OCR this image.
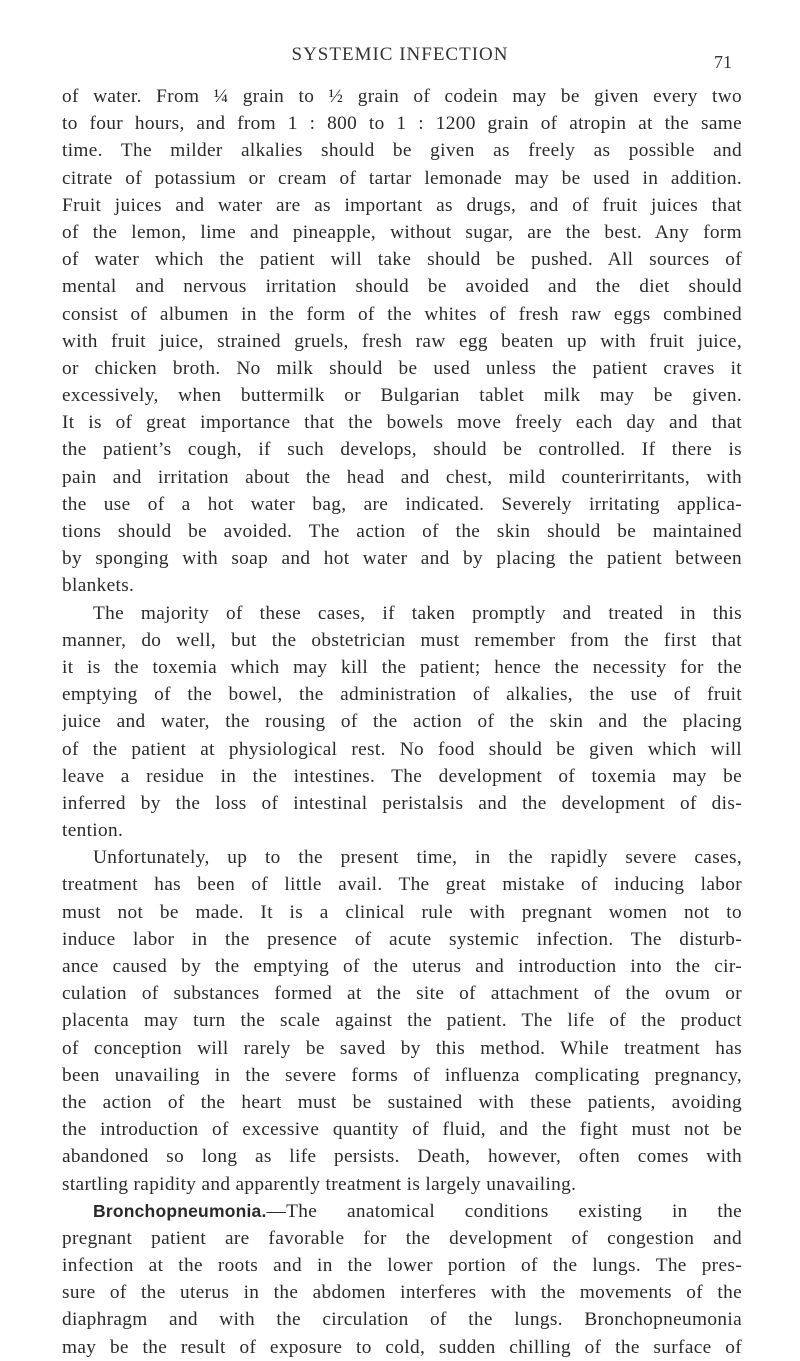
SYSTEMIC INFECTION	71
of water. From ¼ grain to ½ grain of codein may be given every two
to four hours, and from 1 : 800 to 1 : 1200 grain of atropin at the same
time. The milder alkalies should be given as freely as possible and
citrate of potassium or cream of tartar lemonade may be used in addition.
Fruit juices and water are as important as drugs, and of fruit juices that
of the lemon, lime and pineapple, without sugar, are the best. Any form
of water which the patient will take should be pushed. All sources of
mental and nervous irritation should be avoided and the diet should
consist of albumen in the form of the whites of fresh raw eggs combined
with fruit juice, strained gruels, fresh raw egg beaten up with fruit juice,
or chicken broth. No milk should be used unless the patient craves it
excessively, when buttermilk or Bulgarian tablet milk may be given.
It is of great importance that the bowels move freely each day and that
the patient’s cough, if such develops, should be controlled. If there is
pain and irritation about the head and chest, mild counterirritants, with
the use of a hot water bag, are indicated. Severely irritating applica-
tions should be avoided. The action of the skin should be maintained
by sponging with soap and hot water and by placing the patient between
blankets.
The majority of these cases, if taken promptly and treated in this
manner, do well, but the obstetrician must remember from the first that
it is the toxemia which may kill the patient; hence the necessity for the
emptying of the bowel, the administration of alkalies, the use of fruit
juice and water, the rousing of the action of the skin and the placing
of the patient at physiological rest. No food should be given which will
leave a residue in the intestines. The development of toxemia may be
inferred by the loss of intestinal peristalsis and the development of dis-
tention.
Unfortunately, up to the present time, in the rapidly severe cases,
treatment has been of little avail. The great mistake of inducing labor
must not be made. It is a clinical rule with pregnant women not to
induce labor in the presence of acute systemic infection. The disturb-
ance caused by the emptying of the uterus and introduction into the cir-
culation of substances formed at the site of attachment of the ovum or
placenta may turn the scale against the patient. The life of the product
of conception will rarely be saved by this method. While treatment has
been unavailing in the severe forms of influenza complicating pregnancy,
the action of the heart must be sustained with these patients, avoiding
the introduction of excessive quantity of fluid, and the fight must not be
abandoned so long as life persists. Death, however, often comes with
startling rapidity and apparently treatment is largely unavailing.
Bronchopneumonia.—The anatomical conditions existing in the
pregnant patient are favorable for the development of congestion and
infection at the roots and in the lower portion of the lungs. The pres-
sure of the uterus in the abdomen interferes with the movements of the
diaphragm and with the circulation of the lungs. Bronchopneumonia
may be the result of exposure to cold, sudden chilling of the surface of
